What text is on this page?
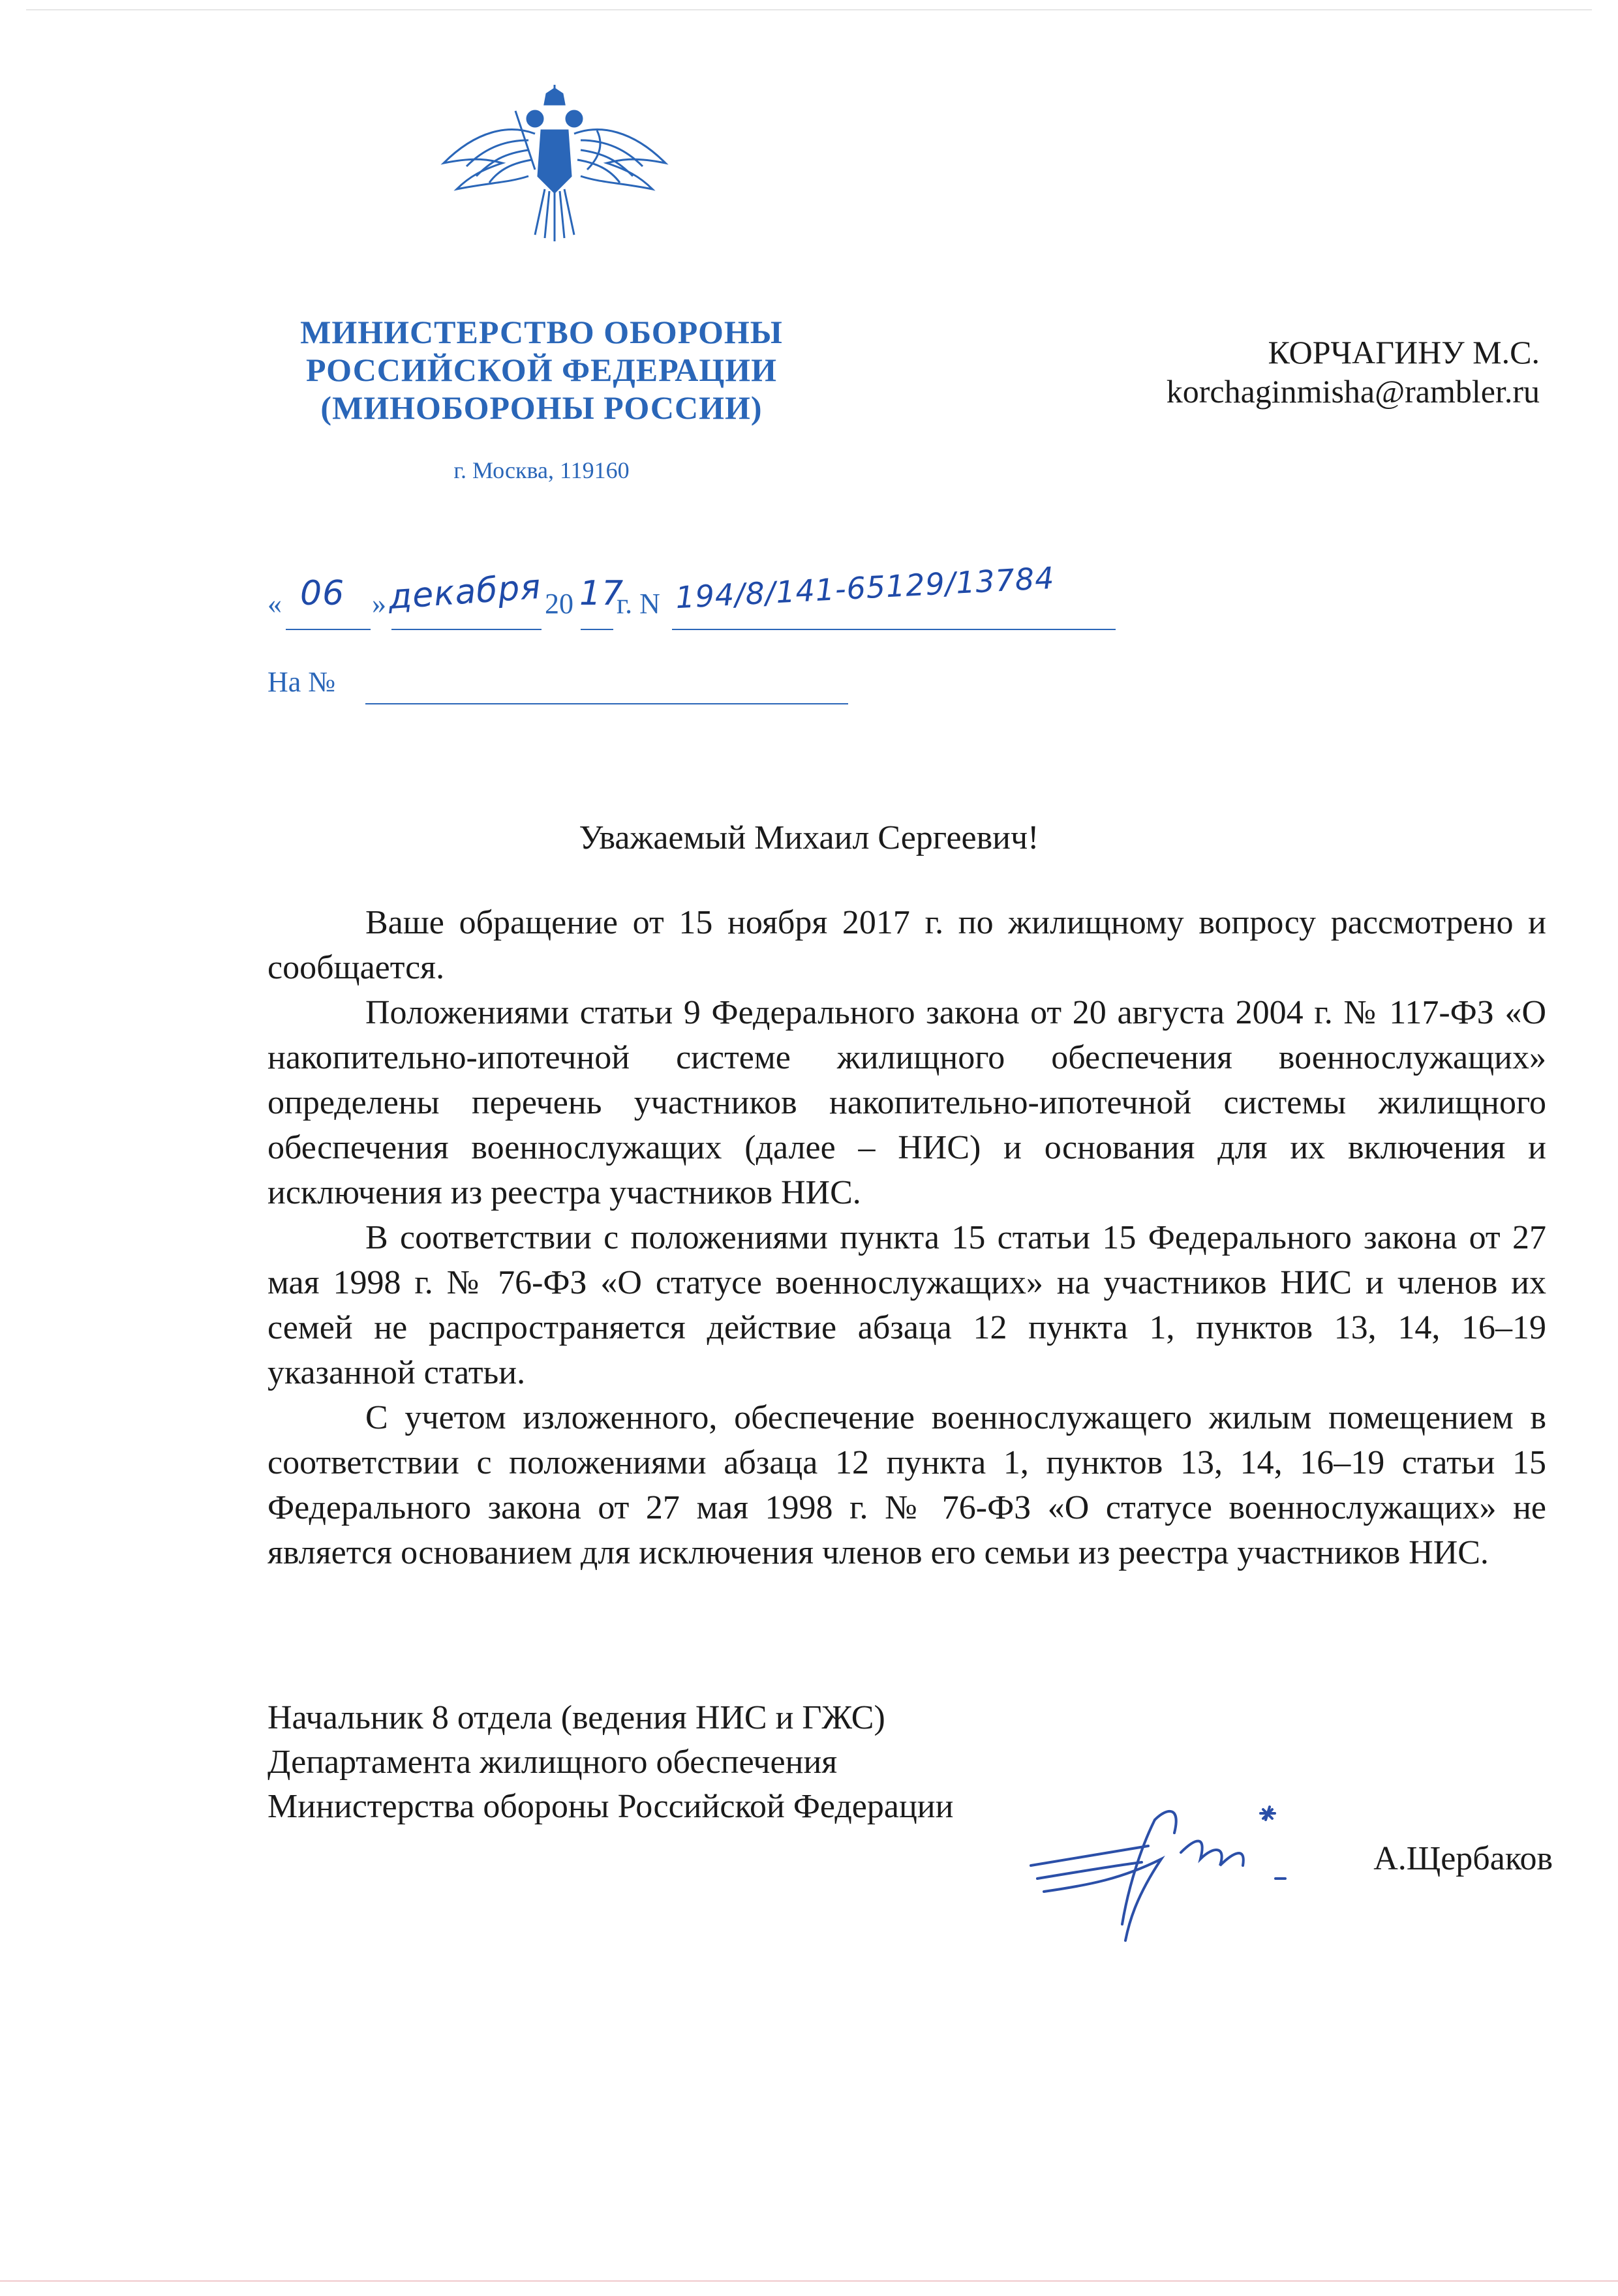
МИНИСТЕРСТВО ОБОРОНЫ
РОССИЙСКОЙ ФЕДЕРАЦИИ
(МИНОБОРОНЫ РОССИИ)
г. Москва, 119160
КОРЧАГИНУ М.С.
korchaginmisha@rambler.ru
« 06 » декабря 20 17
г. N 194/8/141-65129/13784
На №
Уважаемый Михаил Сергеевич!

Ваше обращение от 15 ноября 2017 г. по жилищному вопросу рассмотрено и сообщается.

Положениями статьи 9 Федерального закона от 20 августа 2004 г. № 117-ФЗ «О накопительно-ипотечной системе жилищного обеспечения военнослужащих» определены перечень участников накопительно-ипотечной системы жилищного обеспечения военнослужащих (далее – НИС) и основания для их включения и исключения из реестра участников НИС.

В соответствии с положениями пункта 15 статьи 15 Федерального закона от 27 мая 1998 г. № 76-ФЗ «О статусе военнослужащих» на участников НИС и членов их семей не распространяется действие абзаца 12 пункта 1, пунктов 13, 14, 16–19 указанной статьи.

С учетом изложенного, обеспечение военнослужащего жилым помещением в соответствии с положениями абзаца 12 пункта 1, пунктов 13, 14, 16–19 статьи 15 Федерального закона от 27 мая 1998 г. № 76-ФЗ «О статусе военнослужащих» не является основанием для исключения членов его семьи из реестра участников НИС.

Начальник 8 отдела (ведения НИС и ГЖС)
Департамента жилищного обеспечения
Министерства обороны Российской Федерации
А.Щербаков
